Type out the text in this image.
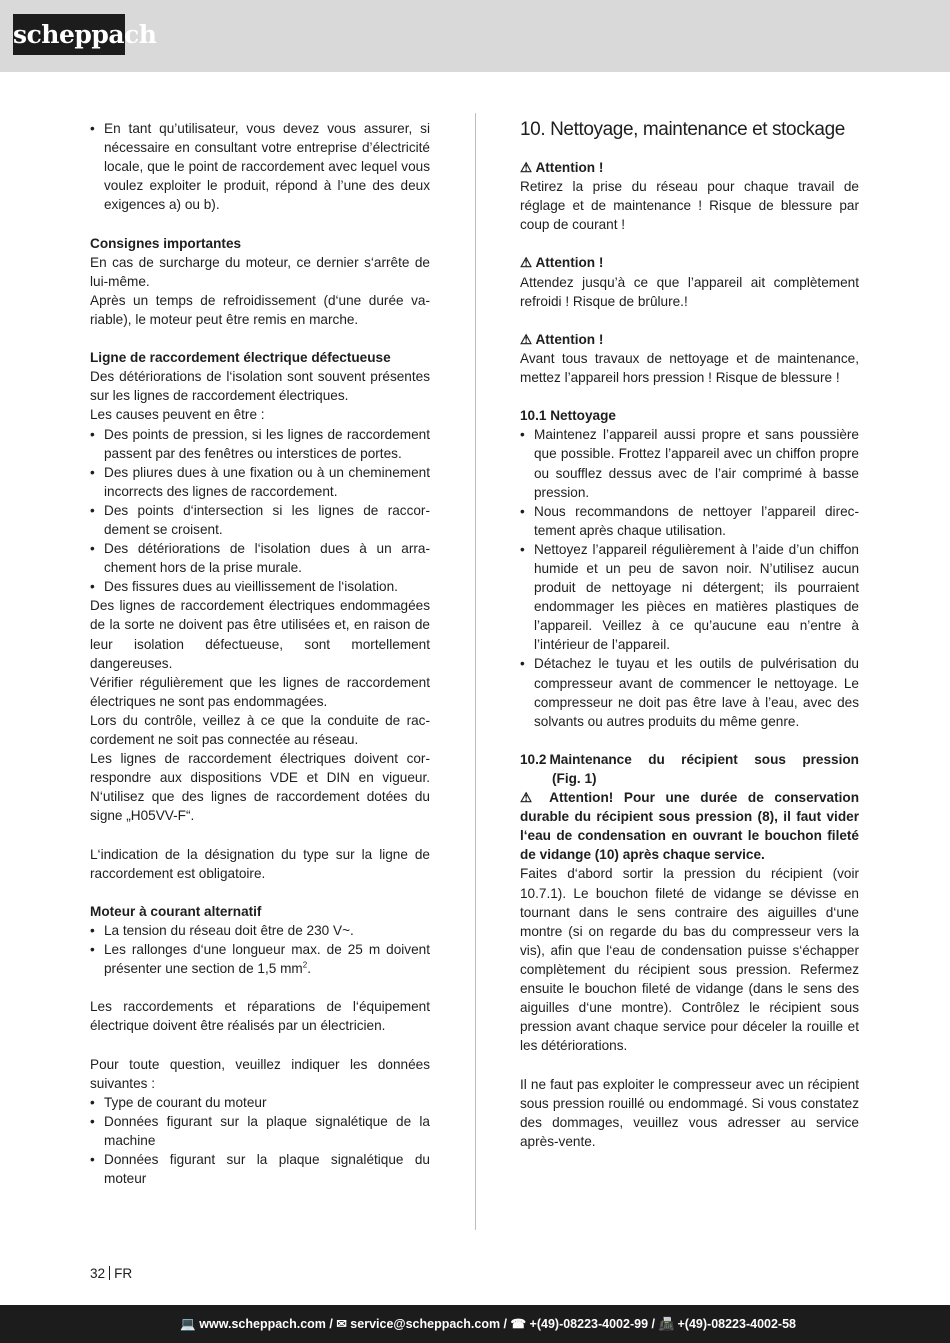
scheppach
• En tant qu’utilisateur, vous devez vous assurer, si nécessaire en consultant votre entreprise d’électricité locale, que le point de raccordement avec lequel vous voulez exploiter le produit, répond à l’une des deux exigences a) ou b).
Consignes importantes
En cas de surcharge du moteur, ce dernier s‘arrête de lui-même.
Après un temps de refroidissement (d‘une durée variable), le moteur peut être remis en marche.
Ligne de raccordement électrique défectueuse
Des détériorations de l‘isolation sont souvent présentes sur les lignes de raccordement électriques.
Les causes peuvent en être :
• Des points de pression, si les lignes de raccordement passent par des fenêtres ou interstices de portes.
• Des pliures dues à une fixation ou à un cheminement incorrects des lignes de raccordement.
• Des points d‘intersection si les lignes de raccordement se croisent.
• Des détériorations de l‘isolation dues à un arrachement hors de la prise murale.
• Des fissures dues au vieillissement de l‘isolation.
Des lignes de raccordement électriques endommagées de la sorte ne doivent pas être utilisées et, en raison de leur isolation défectueuse, sont mortellement dangereuses.
Vérifier régulièrement que les lignes de raccordement électriques ne sont pas endommagées.
Lors du contrôle, veillez à ce que la conduite de raccordement ne soit pas connectée au réseau.
Les lignes de raccordement électriques doivent correspondre aux dispositions VDE et DIN en vigueur. N‘utilisez que des lignes de raccordement dotées du signe „H05VV-F“.
L‘indication de la désignation du type sur la ligne de raccordement est obligatoire.
Moteur à courant alternatif
• La tension du réseau doit être de 230 V~.
• Les rallonges d‘une longueur max. de 25 m doivent présenter une section de 1,5 $mm^2$.
Les raccordements et réparations de l‘équipement électrique doivent être réalisés par un électricien.
Pour toute question, veuillez indiquer les données suivantes :
• Type de courant du moteur
• Données figurant sur la plaque signalétique de la machine
• Données figurant sur la plaque signalétique du moteur
10. Nettoyage, maintenance et stockage
⚠ Attention !
Retirez la prise du réseau pour chaque travail de réglage et de maintenance ! Risque de blessure par coup de courant !
⚠ Attention !
Attendez jusqu’à ce que l’appareil ait complètement refroidi ! Risque de brûlure.!
⚠ Attention !
Avant tous travaux de nettoyage et de maintenance, mettez l’appareil hors pression ! Risque de blessure !
10.1 Nettoyage
• Maintenez l’appareil aussi propre et sans poussière que possible. Frottez l’appareil avec un chiffon propre ou soufflez dessus avec de l’air comprimé à basse pression.
• Nous recommandons de nettoyer l’appareil directement après chaque utilisation.
• Nettoyez l’appareil régulièrement à l’aide d’un chiffon humide et un peu de savon noir. N’utilisez aucun produit de nettoyage ni détergent; ils pourraient endommager les pièces en matières plastiques de l’appareil. Veillez à ce qu’aucune eau n’entre à l’intérieur de l’appareil.
• Détachez le tuyau et les outils de pulvérisation du compresseur avant de commencer le nettoyage. Le compresseur ne doit pas être lave à l’eau, avec des solvants ou autres produits du même genre.
10.2 Maintenance du récipient sous pression
(Fig. 1)
⚠ Attention! Pour une durée de conservation durable du récipient sous pression (8), il faut vider l‘eau de condensation en ouvrant le bouchon fileté de vidange (10) après chaque service.
Faites d‘abord sortir la pression du récipient (voir 10.7.1). Le bouchon fileté de vidange se dévisse en tournant dans le sens contraire des aiguilles d‘une montre (si on regarde du bas du compresseur vers la vis), afin que l‘eau de condensation puisse s‘échapper complètement du récipient sous pression. Refermez ensuite le bouchon fileté de vidange (dans le sens des aiguilles d‘une montre). Contrôlez le récipient sous pression avant chaque service pour déceler la rouille et les détériorations.
Il ne faut pas exploiter le compresseur avec un récipient sous pression rouillé ou endommagé. Si vous constatez des dommages, veuillez vous adresser au service après-vente.
32 FR
💻 www.scheppach.com / ✉ service@scheppach.com / ☎ +(49)-08223-4002-99 / 📠 +(49)-08223-4002-58
